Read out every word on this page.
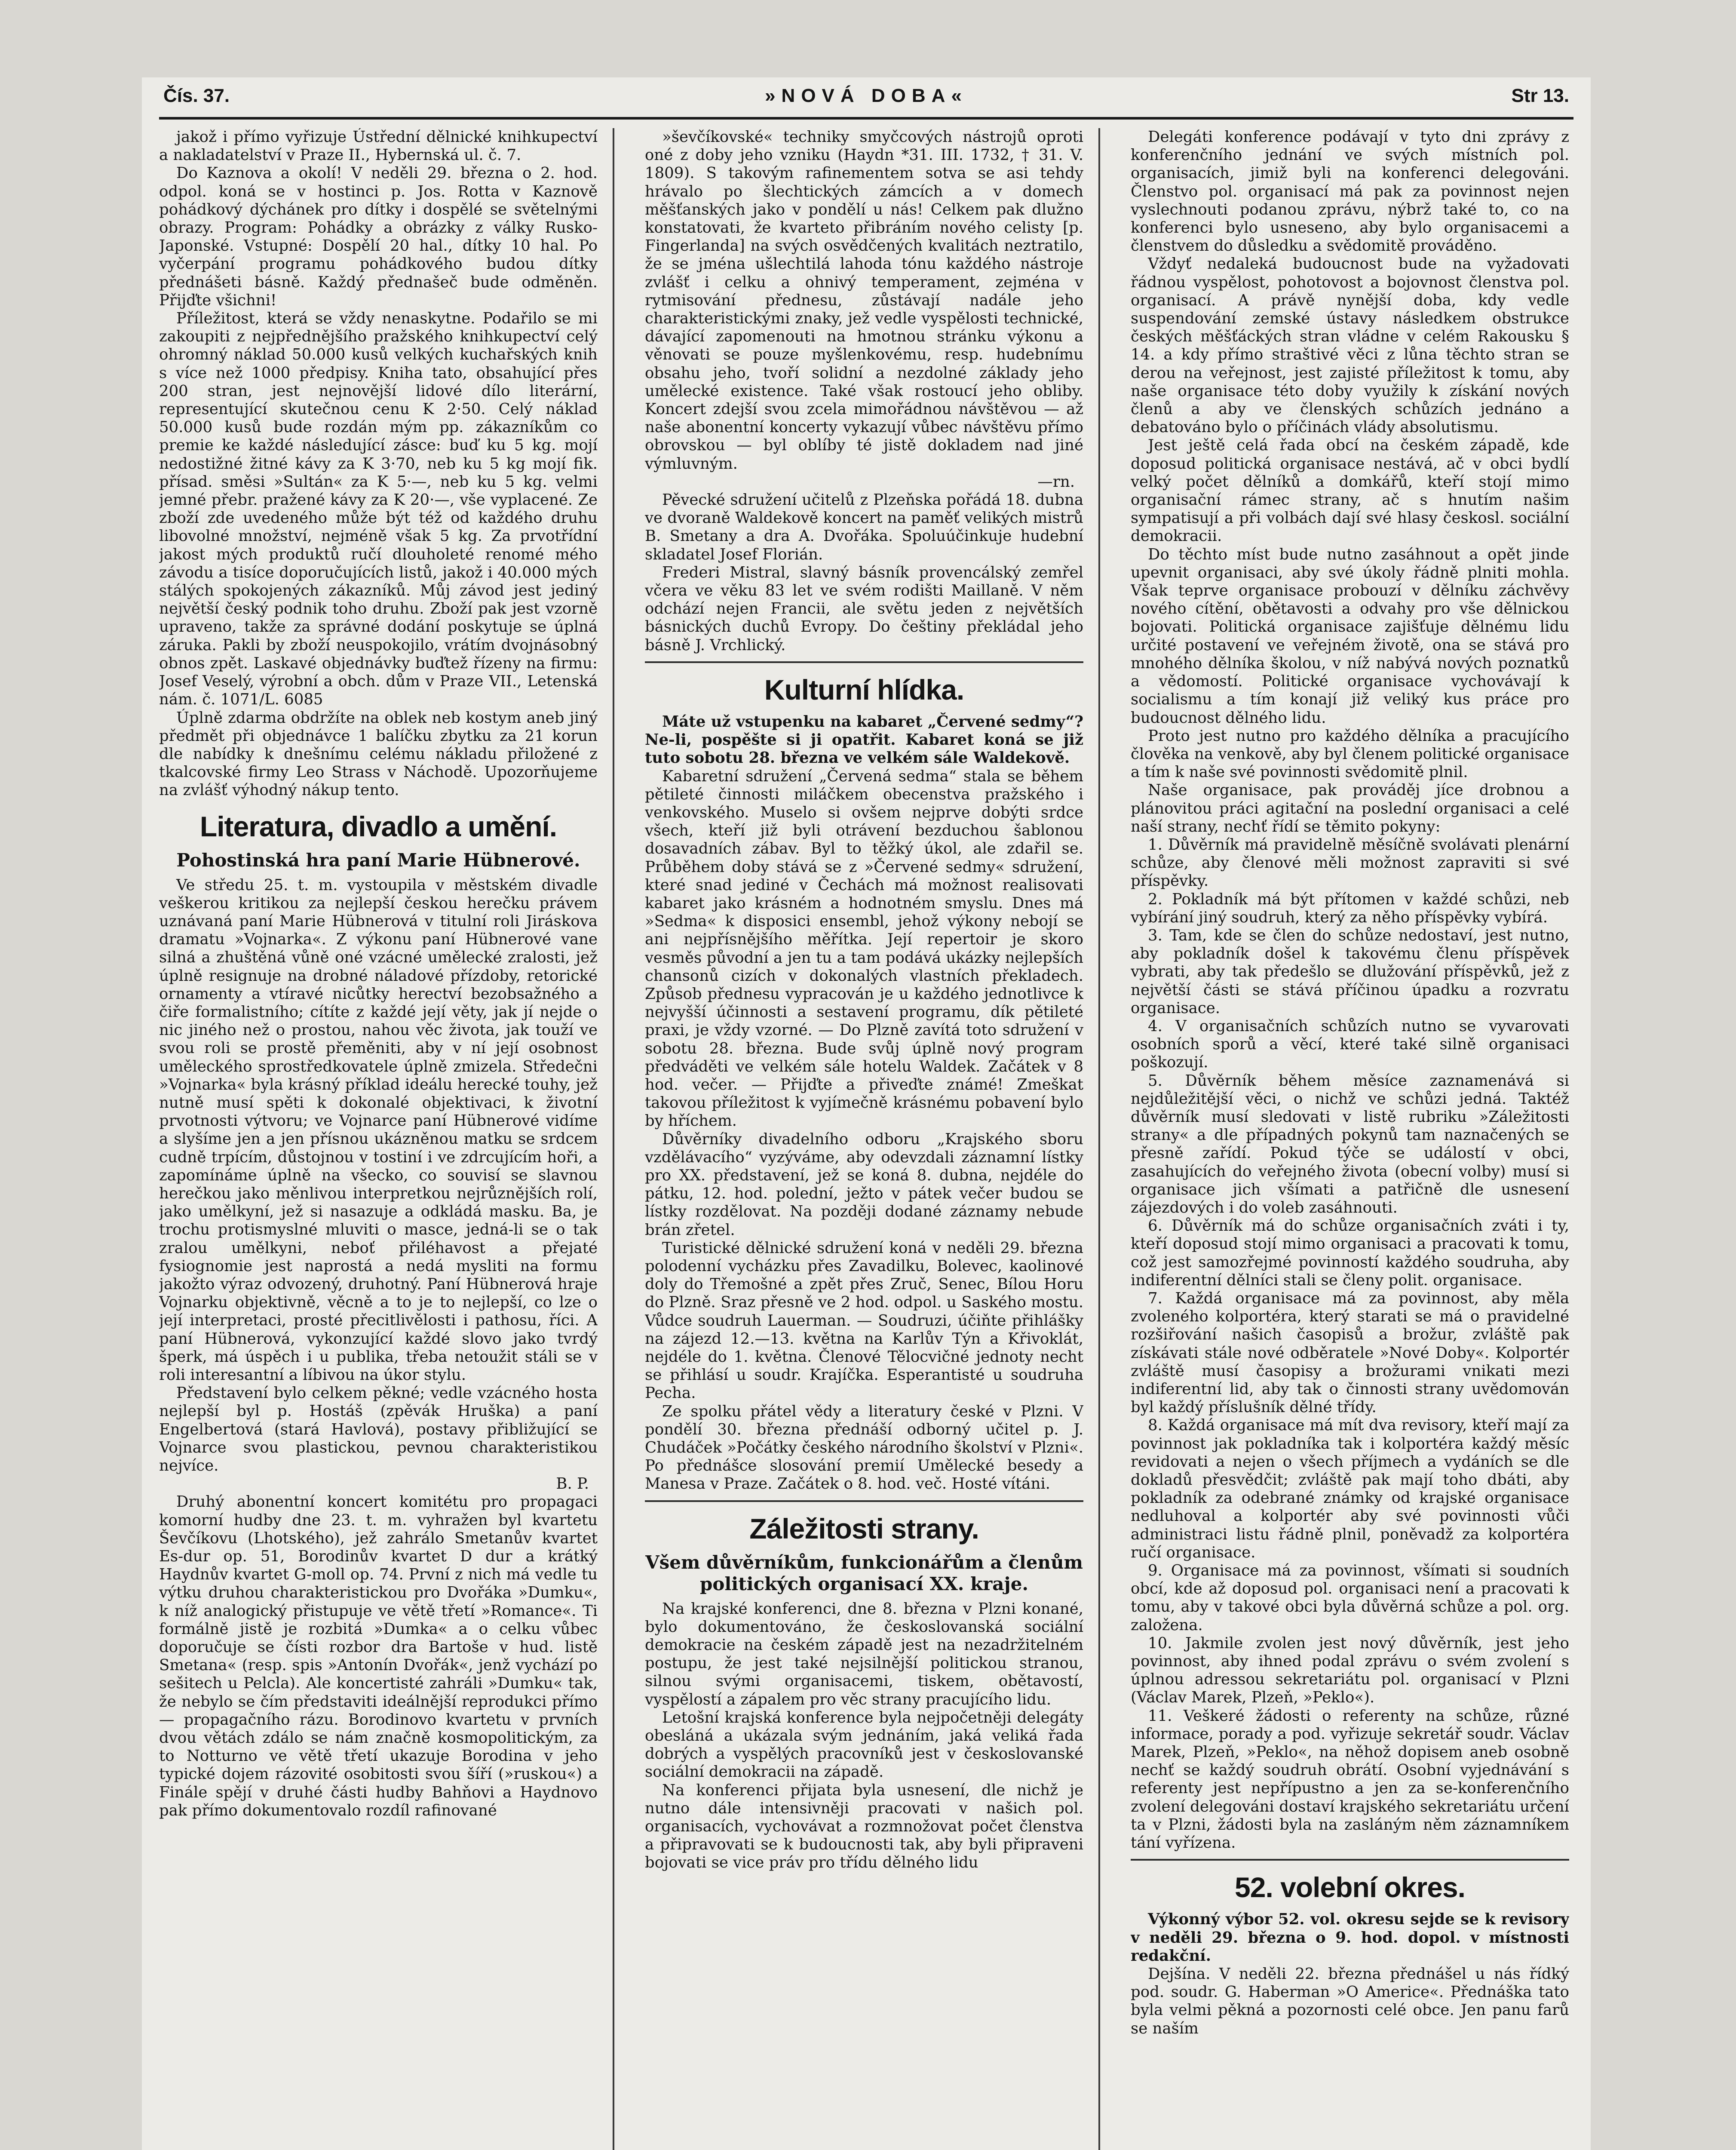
Čís. 37.	»NOVÁ DOBA«	Str 13.

jakož i přímo vyřizuje Ústřední dělnické knihkupectví a nakladatelství v Praze II., Hybernská ul. č. 7.

Do Kaznova a okolí! V neděli 29. března o 2. hod. odpol. koná se v hostinci p. Jos. Rotta v Kaznově pohádkový dýchánek pro dítky i dospělé se světelnými obrazy. Program: Pohádky a obrázky z války Rusko-Japonské. Vstupné: Dospělí 20 hal., dítky 10 hal. Po vyčerpání programu pohádkového budou dítky přednášeti básně. Každý přednašeč bude odměněn. Přijďte všichni!

Příležitost, která se vždy nenaskytne. Podařilo se mi zakoupiti z nejpřednějšího pražského knihkupectví celý ohromný náklad 50.000 kusů velkých kuchařských knih s více než 1000 předpisy. Kniha tato, obsahující přes 200 stran, jest nejnovější lidové dílo literární, representující skutečnou cenu K 2·50. Celý náklad 50.000 kusů bude rozdán mým pp. zákazníkům co premie ke každé následující zásce: buď ku 5 kg. mojí nedostižné žitné kávy za K 3·70, neb ku 5 kg mojí fik. přísad. směsi »Sultán« za K 5·—, neb ku 5 kg. velmi jemné přebr. pražené kávy za K 20·—, vše vyplacené. Ze zboží zde uvedeného může být též od každého druhu libovolné množství, nejméně však 5 kg. Za prvotřídní jakost mých produktů ručí dlouholeté renomé mého závodu a tisíce doporučujících listů, jakož i 40.000 mých stálých spokojených zákazníků. Můj závod jest jediný největší český podnik toho druhu. Zboží pak jest vzorně upraveno, takže za správné dodání poskytuje se úplná záruka. Pakli by zboží neuspokojilo, vrátím dvojnásobný obnos zpět. Laskavé objednávky buďtež řízeny na firmu: Josef Veselý, výrobní a obch. dům v Praze VII., Letenská nám. č. 1071/L. 6085

Úplně zdarma obdržíte na oblek neb kostym aneb jiný předmět při objednávce 1 balíčku zbytku za 21 korun dle nabídky k dnešnímu celému nákladu přiložené z tkalcovské firmy Leo Strass v Náchodě. Upozorňujeme na zvlášť výhodný nákup tento.

Literatura, divadlo a umění.
Pohostinská hra paní Marie Hübnerové.

Ve středu 25. t. m. vystoupila v městském divadle veškerou kritikou za nejlepší českou herečku právem uznávaná paní Marie Hübnerová v titulní roli Jiráskova dramatu »Vojnarka«. Z výkonu paní Hübnerové vane silná a zhuštěná vůně oné vzácné umělecké zralosti, jež úplně resignuje na drobné náladové přízdoby, retorické ornamenty a vtíravé nicůtky herectví bezobsažného a čiře formalistního; cítíte z každé její věty, jak jí nejde o nic jiného než o prostou, nahou věc života, jak touží ve svou roli se prostě přeměniti, aby v ní její osobnost uměleckého sprostředkovatele úplně zmizela. Středečni »Vojnarka« byla krásný příklad ideálu herecké touhy, jež nutně musí spěti k dokonalé objektivaci, k životní prvotnosti výtvoru; ve Vojnarce paní Hübnerové vidíme a slyšíme jen a jen přísnou ukázněnou matku se srdcem cudně trpícím, důstojnou v tostiní i ve zdrcujícím hoři, a zapomínáme úplně na všecko, co souvisí se slavnou herečkou jako měnlivou interpretkou nejrůznějších rolí, jako umělkyní, jež si nasazuje a odkládá masku. Ba, je trochu protismyslné mluviti o masce, jedná-li se o tak zralou umělkyni, neboť přiléhavost a přejaté fysiognomie jest naprostá a nedá mysliti na formu jakožto výraz odvozený, druhotný. Paní Hübnerová hraje Vojnarku objektivně, věcně a to je to nejlepší, co lze o její interpretaci, prosté přecitlivělosti i pathosu, říci. A paní Hübnerová, vykonzující každé slovo jako tvrdý šperk, má úspěch i u publika, třeba netoužit stáli se v roli interesantní a líbivou na úkor stylu.

Představení bylo celkem pěkné; vedle vzácného hosta nejlepší byl p. Hostáš (zpěvák Hruška) a paní Engelbertová (stará Havlová), postavy přibližující se Vojnarce svou plastickou, pevnou charakteristikou nejvíce.

B. P.

Druhý abonentní koncert komitétu pro propagaci komorní hudby dne 23. t. m. vyhražen byl kvartetu Ševčíkovu (Lhotského), jež zahrálo Smetanův kvartet Es-dur op. 51, Borodinův kvartet D dur a krátký Haydnův kvartet G-moll op. 74. První z nich má vedle tu výtku druhou charakteristickou pro Dvořáka »Dumku«, k níž analogický přistupuje ve větě třetí »Romance«. Ti formálně jistě je rozbitá »Dumka« a o celku vůbec doporučuje se čísti rozbor dra Bartoše v hud. listě Smetana« (resp. spis »Antonín Dvořák«, jenž vychází po sešitech u Pelcla). Ale koncertisté zahráli »Dumku« tak, že nebylo se čím představiti ideálnější reprodukci přímo — propagačního rázu. Borodinovo kvartetu v prvních dvou větách zdálo se nám značně kosmopolitickým, za to Notturno ve větě třetí ukazuje Borodina v jeho typické dojem rázovité osobitosti svou šíří (»ruskou«) a Finále spějí v druhé části hudby Bahňovi a Haydnovo pak přímo dokumentovalo rozdíl rafinované

»ševčíkovské« techniky smyčcových nástrojů oproti oné z doby jeho vzniku (Haydn *31. III. 1732, † 31. V. 1809). S takovým rafinementem sotva se asi tehdy hrávalo po šlechtických zámcích a v domech měšťanských jako v pondělí u nás! Celkem pak dlužno konstatovati, že kvarteto přibráním nového celisty [p. Fingerlanda] na svých osvědčených kvalitách neztratilo, že se jména ušlechtilá lahoda tónu každého nástroje zvlášť i celku a ohnivý temperament, zejména v rytmisování přednesu, zůstávají nadále jeho charakteristickými znaky, jež vedle vyspělosti technické, dávající zapomenouti na hmotnou stránku výkonu a věnovati se pouze myšlenkovému, resp. hudebnímu obsahu jeho, tvoří solidní a nezdolné základy jeho umělecké existence. Také však rostoucí jeho obliby. Koncert zdejší svou zcela mimořádnou návštěvou — až naše abonentní koncerty vykazují vůbec návštěvu přímo obrovskou — byl oblíby té jistě dokladem nad jiné výmluvným.

—rn.

Pěvecké sdružení učitelů z Plzeňska pořádá 18. dubna ve dvoraně Waldekově koncert na paměť velikých mistrů B. Smetany a dra A. Dvořáka. Spoluúčinkuje hudební skladatel Josef Florián.

Frederi Mistral, slavný básník provencálský zemřel včera ve věku 83 let ve svém rodišti Maillaně. V něm odchází nejen Francii, ale světu jeden z největších básnických duchů Evropy. Do češtiny překládal jeho básně J. Vrchlický.

Kulturní hlídka.

Máte už vstupenku na kabaret „Červené sedmy“? Ne-li, pospěšte si ji opatřit. Kabaret koná se již tuto sobotu 28. března ve velkém sále Waldekově.

Kabaretní sdružení „Červená sedma“ stala se během pětileté činnosti miláčkem obecenstva pražského i venkovského. Muselo si ovšem nejprve dobýti srdce všech, kteří již byli otrávení bezduchou šablonou dosavadních zábav. Byl to těžký úkol, ale zdařil se. Průběhem doby stává se z »Červené sedmy« sdružení, které snad jediné v Čechách má možnost realisovati kabaret jako krásném a hodnotném smyslu. Dnes má »Sedma« k disposici ensembl, jehož výkony nebojí se ani nejpřísnějšího měřítka. Její repertoir je skoro vesměs původní a jen tu a tam podává ukázky nejlepších chansonů cizích v dokonalých vlastních překladech. Způsob přednesu vypracován je u každého jednotlivce k nejvyšší účinnosti a sestavení programu, dík pětileté praxi, je vždy vzorné. — Do Plzně zavítá toto sdružení v sobotu 28. března. Bude svůj úplně nový program předváděti ve velkém sále hotelu Waldek. Začátek v 8 hod. večer. — Přijďte a přiveďte známé! Zmeškat takovou příležitost k vyjímečně krásnému pobavení bylo by hříchem.

Důvěrníky divadelního odboru „Krajského sboru vzdělávacího“ vyzýváme, aby odevzdali záznamní lístky pro XX. představení, jež se koná 8. dubna, nejdéle do pátku, 12. hod. polední, ježto v pátek večer budou se lístky rozdělovat. Na později dodané záznamy nebude brán zřetel.

Turistické dělnické sdružení koná v neděli 29. března polodenní vycházku přes Zavadilku, Bolevec, kaolinové doly do Třemošné a zpět přes Zruč, Senec, Bílou Horu do Plzně. Sraz přesně ve 2 hod. odpol. u Saského mostu. Vůdce soudruh Lauerman. — Soudruzi, účiňte přihlášky na zájezd 12.—13. května na Karlův Týn a Křivoklát, nejdéle do 1. května. Členové Tělocvičné jednoty necht se přihlásí u soudr. Krajíčka. Esperantisté u soudruha Pecha.

Ze spolku přátel vědy a literatury české v Plzni. V pondělí 30. března přednáší odborný učitel p. J. Chudáček »Počátky českého národního školství v Plzni«. Po přednášce slosování premií Umělecké besedy a Manesa v Praze. Začátek o 8. hod. več. Hosté vítáni.

Záležitosti strany.
Všem důvěrníkům, funkcionářům a členům politických organisací XX. kraje.

Na krajské konferenci, dne 8. března v Plzni konané, bylo dokumentováno, že českoslovanská sociální demokracie na českém západě jest na nezadržitelném postupu, že jest také nejsilnější politickou stranou, silnou svými organisacemi, tiskem, obětavostí, vyspělostí a zápalem pro věc strany pracujícího lidu.

Letošní krajská konference byla nejpočetněji delegáty obesláná a ukázala svým jednáním, jaká veliká řada dobrých a vyspělých pracovníků jest v českoslovanské sociální demokracii na západě.

Na konferenci přijata byla usnesení, dle nichž je nutno dále intensivněji pracovati v našich pol. organisacích, vychovávat a rozmnožovat počet členstva a připravovati se k budoucnosti tak, aby byli připraveni bojovati se vice práv pro třídu dělného lidu

Delegáti konference podávají v tyto dni zprávy z konferenčního jednání ve svých místních pol. organisacích, jimiž byli na konferenci delegováni. Členstvo pol. organisací má pak za povinnost nejen vyslechnouti podanou zprávu, nýbrž také to, co na konferenci bylo usneseno, aby bylo organisacemi a členstvem do důsledku a svědomitě prováděno.

Vždyť nedaleká budoucnost bude na vyžadovati řádnou vyspělost, pohotovost a bojovnost členstva pol. organisací. A právě nynější doba, kdy vedle suspendování zemské ústavy následkem obstrukce českých měšťáckých stran vládne v celém Rakousku § 14. a kdy přímo straštivé věci z lůna těchto stran se derou na veřejnost, jest zajisté příležitost k tomu, aby naše organisace této doby využily k získání nových členů a aby ve členských schůzích jednáno a debatováno bylo o příčinách vlády absolutismu.

Jest ještě celá řada obcí na českém západě, kde doposud politická organisace nestává, ač v obci bydlí velký počet dělníků a domkářů, kteří stojí mimo organisační rámec strany, ač s hnutím našim sympatisují a při volbách dají své hlasy českosl. sociální demokracii.

Do těchto míst bude nutno zasáhnout a opět jinde upevnit organisaci, aby své úkoly řádně plniti mohla. Však teprve organisace probouzí v dělníku záchvěvy nového cítění, obětavosti a odvahy pro vše dělnickou bojovati. Politická organisace zajišťuje dělnému lidu určité postavení ve veřejném životě, ona se stává pro mnohého dělníka školou, v níž nabývá nových poznatků a vědomostí. Politické organisace vychovávají k socialismu a tím konají již veliký kus práce pro budoucnost dělného lidu.

Proto jest nutno pro každého dělníka a pracujícího člověka na venkově, aby byl členem politické organisace a tím k naše své povinnosti svědomitě plnil.

Naše organisace, pak prováděj jíce drobnou a plánovitou práci agitační na poslední organisaci a celé naší strany, nechť řídí se těmito pokyny:

1. Důvěrník má pravidelně měsíčně svolávati plenární schůze, aby členové měli možnost zapraviti si své příspěvky.

2. Pokladník má být přítomen v každé schůzi, neb vybírání jiný soudruh, který za něho příspěvky vybírá.

3. Tam, kde se člen do schůze nedostaví, jest nutno, aby pokladník došel k takovému členu příspěvek vybrati, aby tak předešlo se dlužování příspěvků, jež z největší části se stává příčinou úpadku a rozvratu organisace.

4. V organisačních schůzích nutno se vyvarovati osobních sporů a věcí, které také silně organisaci poškozují.

5. Důvěrník během měsíce zaznamenává si nejdůležitější věci, o nichž ve schůzi jedná. Taktéž důvěrník musí sledovati v listě rubriku »Záležitosti strany« a dle případných pokynů tam naznačených se přesně zařídí. Pokud týče se událostí v obci, zasahujících do veřejného života (obecní volby) musí si organisace jich všímati a patřičně dle usnesení zájezdových i do voleb zasáhnouti.

6. Důvěrník má do schůze organisačních zváti i ty, kteří doposud stojí mimo organisaci a pracovati k tomu, což jest samozřejmé povinností každého soudruha, aby indiferentní dělníci stali se členy polit. organisace.

7. Každá organisace má za povinnost, aby měla zvoleného kolportéra, který starati se má o pravidelné rozšiřování našich časopisů a brožur, zvláště pak získávati stále nové odběratele »Nové Doby«. Kolportér zvláště musí časopisy a brožurami vnikati mezi indiferentní lid, aby tak o činnosti strany uvědomován byl každý příslušník dělné třídy.

8. Každá organisace má mít dva revisory, kteří mají za povinnost jak pokladníka tak i kolportéra každý měsíc revidovati a nejen o všech příjmech a vydáních se dle dokladů přesvědčit; zvláště pak mají toho dbáti, aby pokladník za odebrané známky od krajské organisace nedluhoval a kolportér aby své povinnosti vůči administraci listu řádně plnil, poněvadž za kolportéra ručí organisace.

9. Organisace má za povinnost, všímati si soudních obcí, kde až doposud pol. organisaci není a pracovati k tomu, aby v takové obci byla důvěrná schůze a pol. org. založena.

10. Jakmile zvolen jest nový důvěrník, jest jeho povinnost, aby ihned podal zprávu o svém zvolení s úplnou adressou sekretariátu pol. organisací v Plzni (Václav Marek, Plzeň, »Peklo«).

11. Veškeré žádosti o referenty na schůze, různé informace, porady a pod. vyřizuje sekretář soudr. Václav Marek, Plzeň, »Peklo«, na něhož dopisem aneb osobně nechť se každý soudruh obrátí. Osobní vyjednávání s referenty jest nepřípustno a jen za se-konferenčního zvolení delegováni dostaví krajského sekretariátu určení ta v Plzni, žádosti byla na zasláným něm záznamníkem tání vyřízena.

52. volební okres.

Výkonný výbor 52. vol. okresu sejde se k revisory v neděli 29. března o 9. hod. dopol. v místnosti redakční.

Dejšína. V neděli 22. března přednášel u nás řídký pod. soudr. G. Haberman »O Americe«. Přednáška tato byla velmi pěkná a pozornosti celé obce. Jen panu farů se naším
